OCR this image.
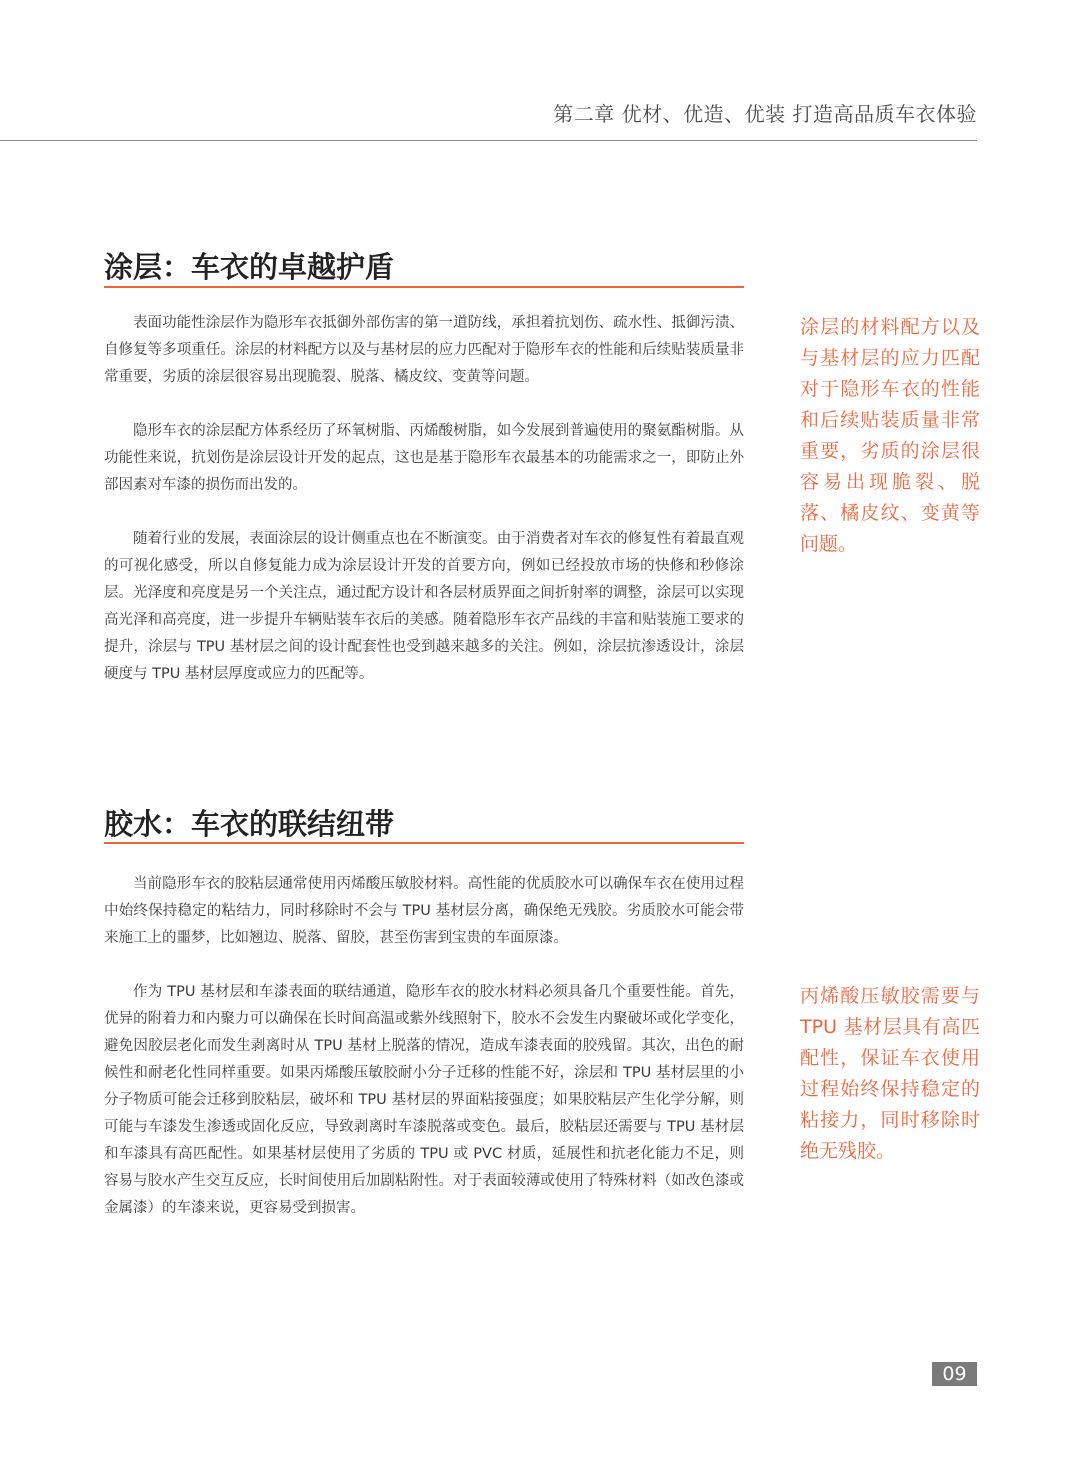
第二章 优材、优造、优装 打造高品质车衣体验
涂层：车衣的卓越护盾

表面功能性涂层作为隐形车衣抵御外部伤害的第一道防线，承担着抗划伤、疏水性、抵御污渍、自修复等多项重任。涂层的材料配方以及与基材层的应力匹配对于隐形车衣的性能和后续贴装质量非常重要，劣质的涂层很容易出现脆裂、脱落、橘皮纹、变黄等问题。

隐形车衣的涂层配方体系经历了环氧树脂、丙烯酸树脂，如今发展到普遍使用的聚氨酯树脂。从功能性来说，抗划伤是涂层设计开发的起点，这也是基于隐形车衣最基本的功能需求之一，即防止外部因素对车漆的损伤而出发的。

随着行业的发展，表面涂层的设计侧重点也在不断演变。由于消费者对车衣的修复性有着最直观的可视化感受，所以自修复能力成为涂层设计开发的首要方向，例如已经投放市场的快修和秒修涂层。光泽度和亮度是另一个关注点，通过配方设计和各层材质界面之间折射率的调整，涂层可以实现高光泽和高亮度，进一步提升车辆贴装车衣后的美感。随着隐形车衣产品线的丰富和贴装施工要求的提升，涂层与 TPU 基材层之间的设计配套性也受到越来越多的关注。例如，涂层抗渗透设计，涂层硬度与 TPU 基材层厚度或应力的匹配等。

涂层的材料配方以及与基材层的应力匹配对于隐形车衣的性能和后续贴装质量非常重要，劣质的涂层很容易出现脆裂、脱落、橘皮纹、变黄等问题。
胶水：车衣的联结纽带

当前隐形车衣的胶粘层通常使用丙烯酸压敏胶材料。高性能的优质胶水可以确保车衣在使用过程中始终保持稳定的粘结力，同时移除时不会与 TPU 基材层分离，确保绝无残胶。劣质胶水可能会带来施工上的噩梦，比如翘边、脱落、留胶，甚至伤害到宝贵的车面原漆。

作为 TPU 基材层和车漆表面的联结通道，隐形车衣的胶水材料必须具备几个重要性能。首先，优异的附着力和内聚力可以确保在长时间高温或紫外线照射下，胶水不会发生内聚破坏或化学变化，避免因胶层老化而发生剥离时从 TPU 基材上脱落的情况，造成车漆表面的胶残留。其次，出色的耐候性和耐老化性同样重要。如果丙烯酸压敏胶耐小分子迁移的性能不好，涂层和 TPU 基材层里的小分子物质可能会迁移到胶粘层，破坏和 TPU 基材层的界面粘接强度；如果胶粘层产生化学分解，则可能与车漆发生渗透或固化反应，导致剥离时车漆脱落或变色。最后，胶粘层还需要与 TPU 基材层和车漆具有高匹配性。如果基材层使用了劣质的 TPU 或 PVC 材质，延展性和抗老化能力不足，则容易与胶水产生交互反应，长时间使用后加剧粘附性。对于表面较薄或使用了特殊材料（如改色漆或金属漆）的车漆来说，更容易受到损害。

丙烯酸压敏胶需要与 TPU 基材层具有高匹配性，保证车衣使用过程始终保持稳定的粘接力，同时移除时绝无残胶。
09
